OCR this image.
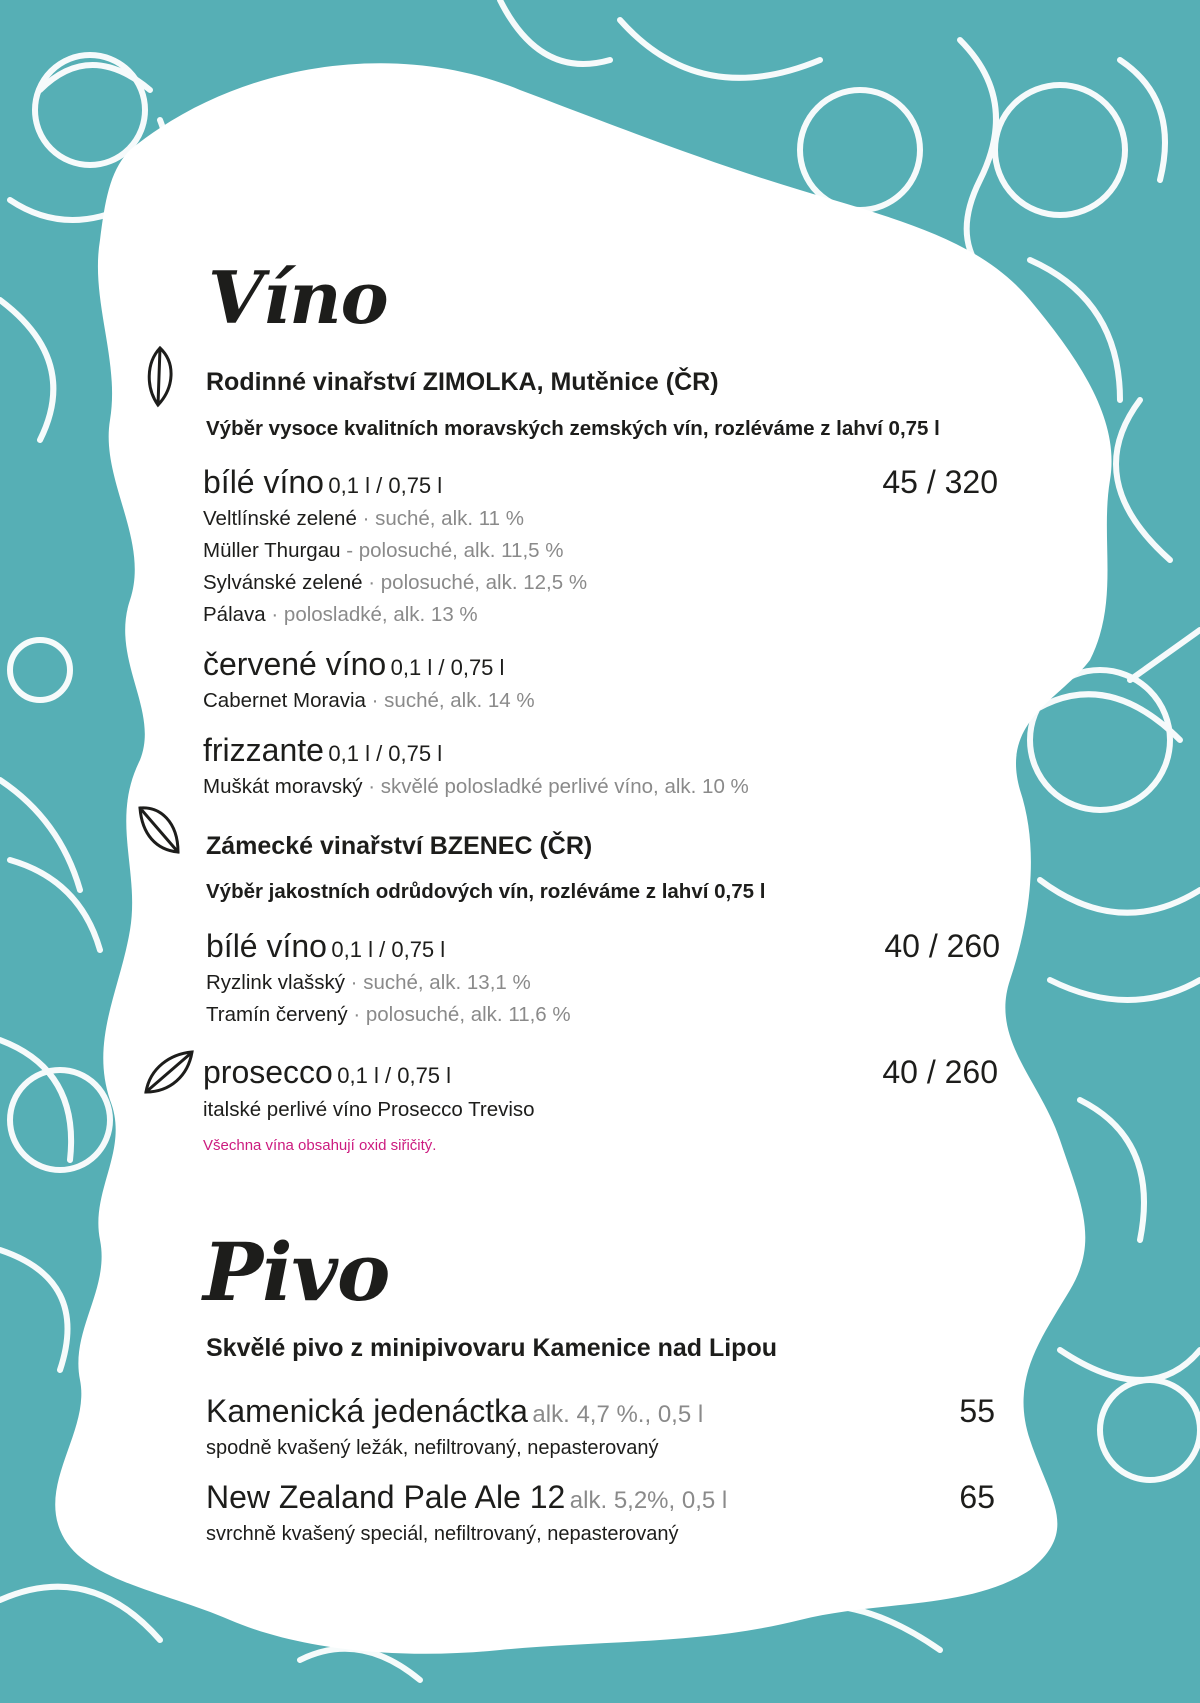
Víno
Rodinné vinařství ZIMOLKA, Mutěnice (ČR)
Výběr vysoce kvalitních moravských zemských vín, rozléváme z lahví 0,75 l
bílé víno 0,1 l / 0,75 l	45 / 320
Veltlínské zelené · suché, alk. 11 %
Müller Thurgau - polosuché, alk. 11,5 %
Sylvánské zelené · polosuché, alk. 12,5 %
Pálava · polosladké, alk. 13 %
červené víno 0,1 l / 0,75 l
Cabernet Moravia · suché, alk. 14 %
frizzante 0,1 l / 0,75 l
Muškát moravský · skvělé polosladké perlivé víno, alk. 10 %
Zámecké vinařství BZENEC (ČR)
Výběr jakostních odrůdových vín, rozléváme z lahví 0,75 l
bílé víno 0,1 l / 0,75 l	40 / 260
Ryzlink vlašský · suché, alk. 13,1 %
Tramín červený · polosuché, alk. 11,6 %
prosecco 0,1 l / 0,75 l	40 / 260
italské perlivé víno Prosecco Treviso
Všechna vína obsahují oxid siřičitý.
Pivo
Skvělé pivo z minipivovaru Kamenice nad Lipou
Kamenická jedenáctka alk. 4,7 %., 0,5 l	55
spodně kvašený ležák, nefiltrovaný, nepasterovaný
New Zealand Pale Ale 12 alk. 5,2%, 0,5 l	65
svrchně kvašený speciál, nefiltrovaný, nepasterovaný
